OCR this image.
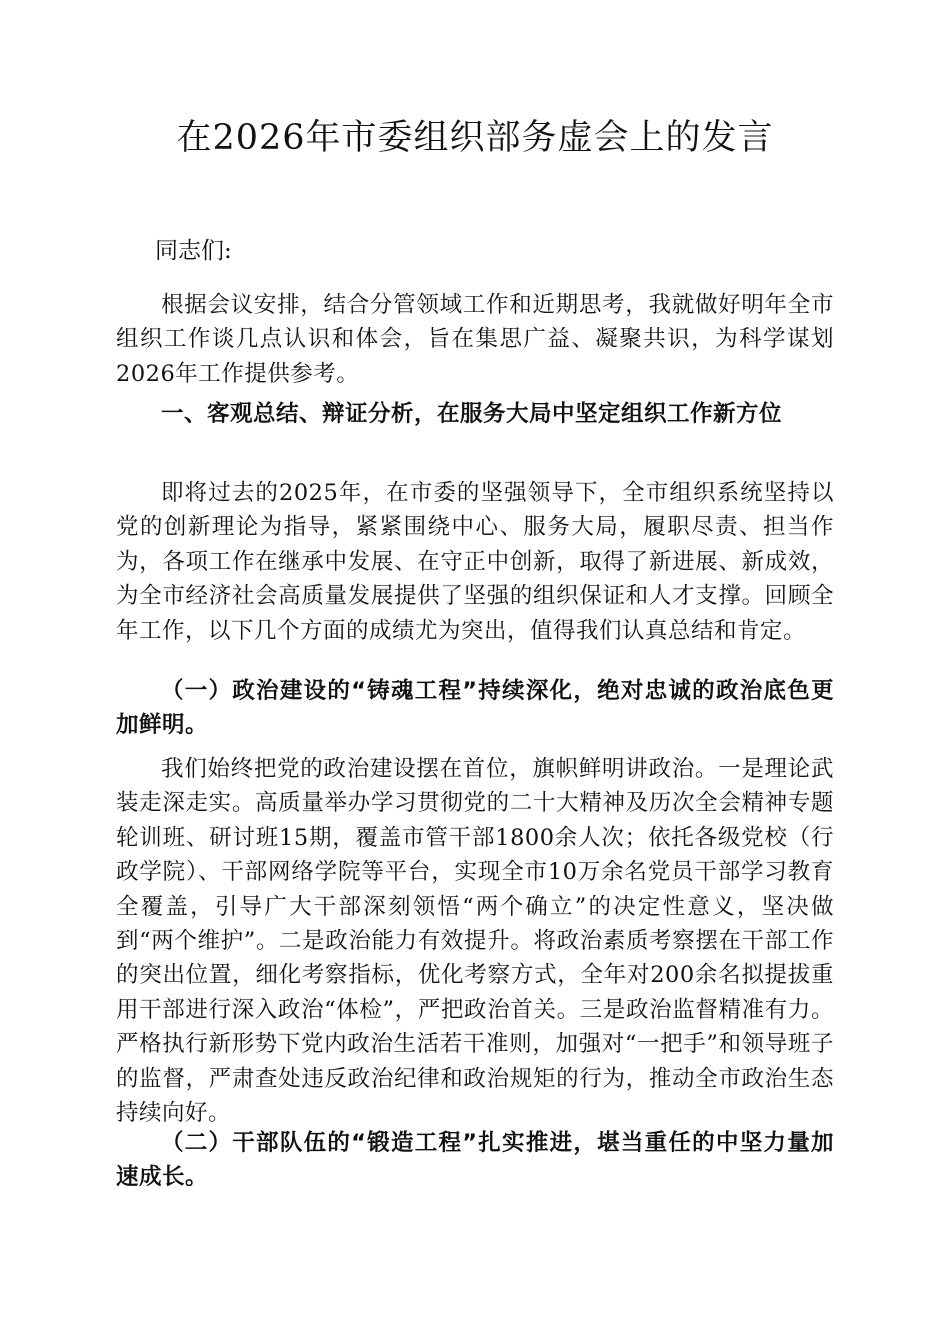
在2026年市委组织部务虚会上的发言
同志们:

根据会议安排，结合分管领域工作和近期思考，我就做好明年全市组织工作谈几点认识和体会，旨在集思广益、凝聚共识，为科学谋划2026年工作提供参考。

一、客观总结、辩证分析，在服务大局中坚定组织工作新方位

即将过去的2025年，在市委的坚强领导下，全市组织系统坚持以党的创新理论为指导，紧紧围绕中心、服务大局，履职尽责、担当作为，各项工作在继承中发展、在守正中创新，取得了新进展、新成效，为全市经济社会高质量发展提供了坚强的组织保证和人才支撑。回顾全年工作，以下几个方面的成绩尤为突出，值得我们认真总结和肯定。

（一）政治建设的“铸魂工程”持续深化，绝对忠诚的政治底色更加鲜明。

我们始终把党的政治建设摆在首位，旗帜鲜明讲政治。一是理论武装走深走实。高质量举办学习贯彻党的二十大精神及历次全会精神专题轮训班、研讨班15期，覆盖市管干部1800余人次；依托各级党校（行政学院）、干部网络学院等平台，实现全市10万余名党员干部学习教育全覆盖，引导广大干部深刻领悟“两个确立”的决定性意义，坚决做到“两个维护”。二是政治能力有效提升。将政治素质考察摆在干部工作的突出位置，细化考察指标，优化考察方式，全年对200余名拟提拔重用干部进行深入政治“体检”，严把政治首关。三是政治监督精准有力。严格执行新形势下党内政治生活若干准则，加强对“一把手”和领导班子的监督，严肃查处违反政治纪律和政治规矩的行为，推动全市政治生态持续向好。

（二）干部队伍的“锻造工程”扎实推进，堪当重任的中坚力量加速成长。
